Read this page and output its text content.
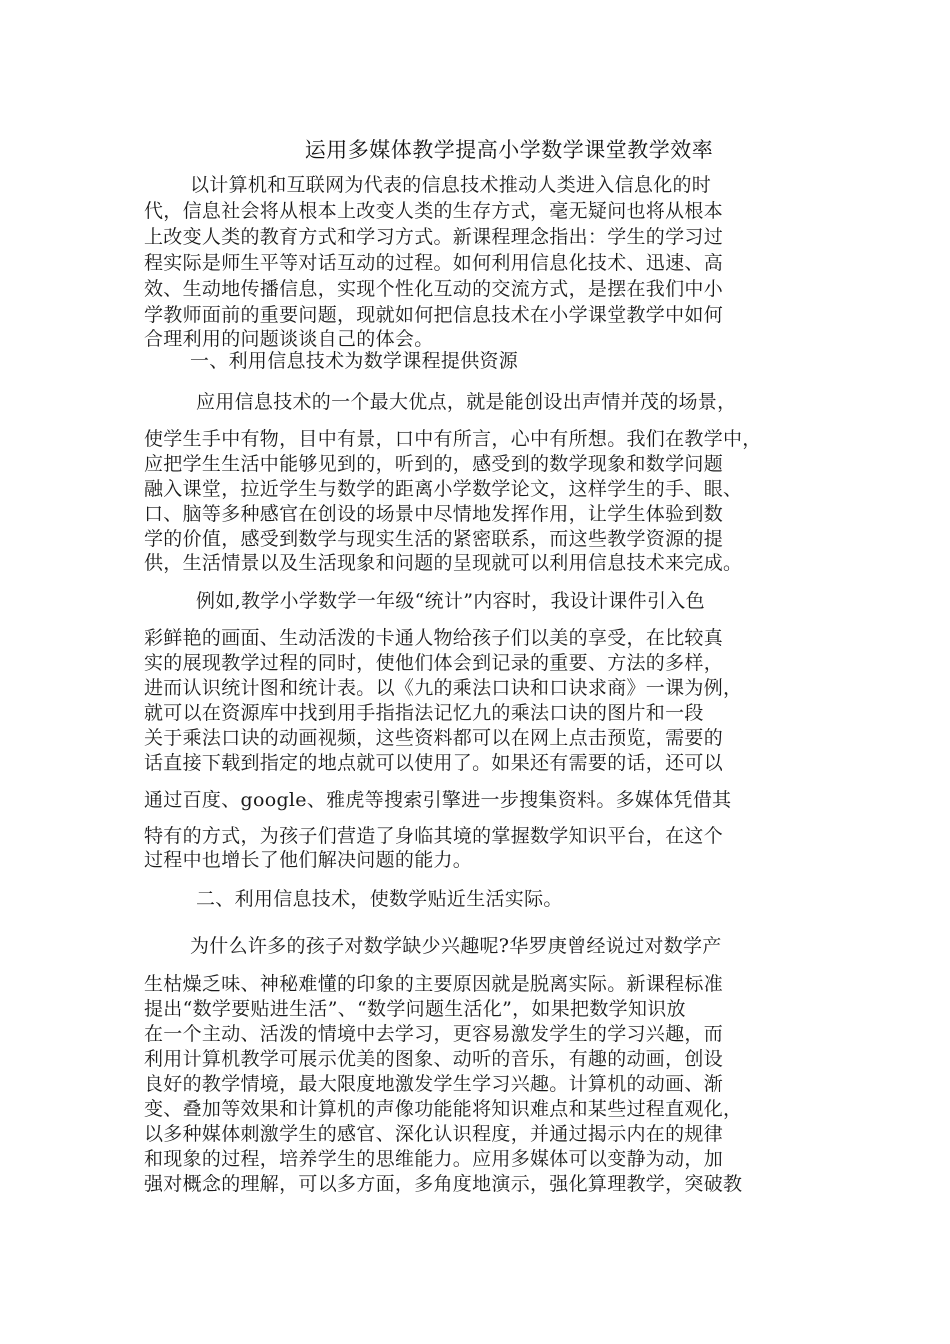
运用多媒体教学提高小学数学课堂教学效率
以计算机和互联网为代表的信息技术推动人类进入信息化的时
代，信息社会将从根本上改变人类的生存方式，毫无疑问也将从根本
上改变人类的教育方式和学习方式。新课程理念指出：学生的学习过
程实际是师生平等对话互动的过程。如何利用信息化技术、迅速、高
效、生动地传播信息，实现个性化互动的交流方式，是摆在我们中小
学教师面前的重要问题，现就如何把信息技术在小学课堂教学中如何
合理利用的问题谈谈自己的体会。
一、利用信息技术为数学课程提供资源
应用信息技术的一个最大优点，就是能创设出声情并茂的场景，
使学生手中有物，目中有景，口中有所言，心中有所想。我们在教学中，
应把学生生活中能够见到的，听到的，感受到的数学现象和数学问题
融入课堂，拉近学生与数学的距离小学数学论文，这样学生的手、眼、
口、脑等多种感官在创设的场景中尽情地发挥作用，让学生体验到数
学的价值，感受到数学与现实生活的紧密联系，而这些教学资源的提
供，生活情景以及生活现象和问题的呈现就可以利用信息技术来完成。
例如,教学小学数学一年级“统计”内容时，我设计课件引入色
彩鲜艳的画面、生动活泼的卡通人物给孩子们以美的享受，在比较真
实的展现教学过程的同时，使他们体会到记录的重要、方法的多样，
进而认识统计图和统计表。以《九的乘法口诀和口诀求商》一课为例，
就可以在资源库中找到用手指指法记忆九的乘法口诀的图片和一段
关于乘法口诀的动画视频，这些资料都可以在网上点击预览，需要的
话直接下载到指定的地点就可以使用了。如果还有需要的话，还可以
通过百度、google、雅虎等搜索引擎进一步搜集资料。多媒体凭借其
特有的方式，为孩子们营造了身临其境的掌握数学知识平台，在这个
过程中也增长了他们解决问题的能力。
二、利用信息技术，使数学贴近生活实际。
为什么许多的孩子对数学缺少兴趣呢?华罗庚曾经说过对数学产
生枯燥乏味、神秘难懂的印象的主要原因就是脱离实际。新课程标准
提出“数学要贴进生活”、“数学问题生活化”，如果把数学知识放
在一个主动、活泼的情境中去学习，更容易激发学生的学习兴趣，而
利用计算机教学可展示优美的图象、动听的音乐，有趣的动画，创设
良好的教学情境，最大限度地激发学生学习兴趣。计算机的动画、渐
变、叠加等效果和计算机的声像功能能将知识难点和某些过程直观化，
以多种媒体刺激学生的感官、深化认识程度，并通过揭示内在的规律
和现象的过程，培养学生的思维能力。应用多媒体可以变静为动，加
强对概念的理解，可以多方面，多角度地演示，强化算理教学，突破教
